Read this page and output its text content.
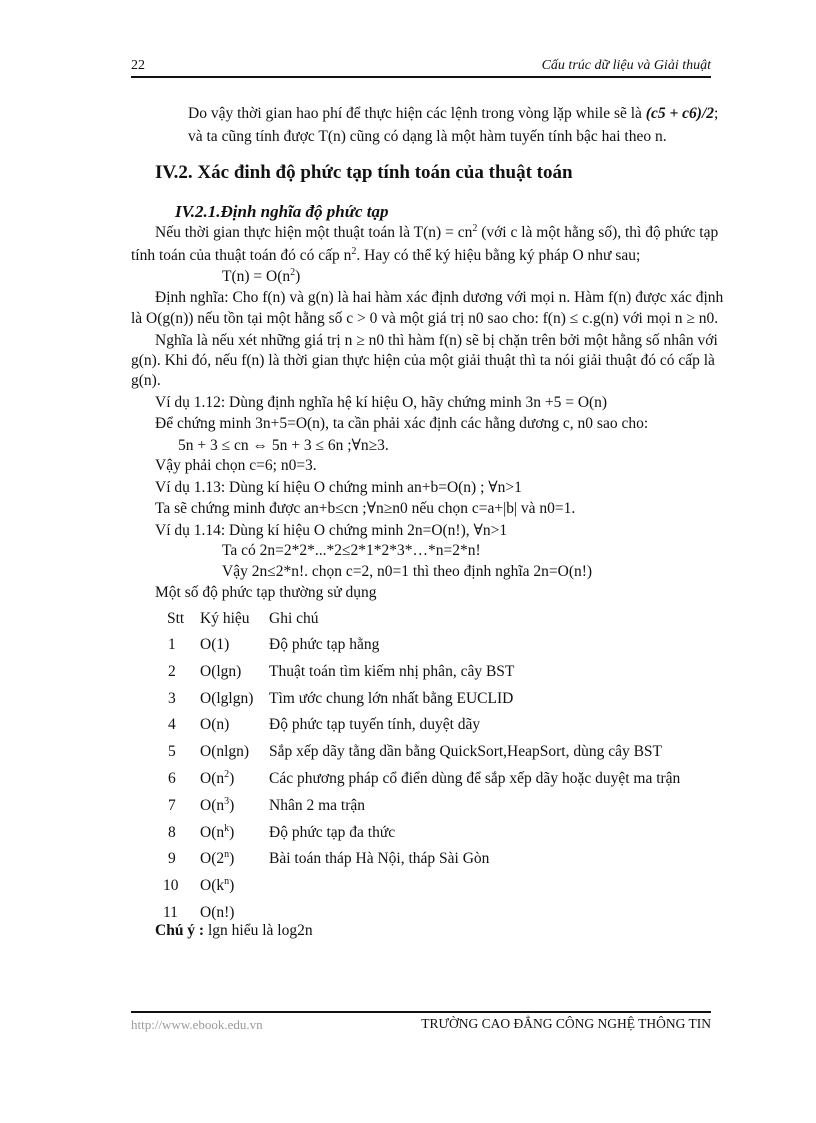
22	Cấu trúc dữ liệu và Giải thuật
Do vậy thời gian hao phí để thực hiện các lệnh trong vòng lặp while sẽ là (c5 + c6)/2;
và ta cũng tính được T(n) cũng có dạng là một hàm tuyến tính bậc hai theo n.
IV.2. Xác đinh độ phức tạp tính toán của thuật toán
IV.2.1.Định nghĩa độ phức tạp
Nếu thời gian thực hiện một thuật toán là $T(n) = cn^2$ (với c là một hằng số), thì độ phức tạp
tính toán của thuật toán đó có cấp $n^2$. Hay có thể ký hiệu bằng ký pháp O như sau;
$T(n) = O(n^2)$
Định nghĩa: Cho f(n) và g(n) là hai hàm xác định dương với mọi n. Hàm f(n) được xác định
là O(g(n)) nếu tồn tại một hằng số c > 0 và một giá trị n0 sao cho: f(n) ≤ c.g(n) với mọi n ≥ n0.
Nghĩa là nếu xét những giá trị n ≥ n0 thì hàm f(n) sẽ bị chặn trên bởi một hằng số nhân với
g(n). Khi đó, nếu f(n) là thời gian thực hiện của một giải thuật thì ta nói giải thuật đó có cấp là
g(n).
Ví dụ 1.12: Dùng định nghĩa hệ kí hiệu O, hãy chứng minh 3n +5 = O(n)
Để chứng minh 3n+5=O(n), ta cần phải xác định các hằng dương c, n0 sao cho:
5n + 3 ≤ cn ⇔ 5n + 3 ≤ 6n ;∀n≥3.
Vậy phải chọn c=6; n0=3.
Ví dụ 1.13: Dùng kí hiệu O chứng minh an+b=O(n) ; ∀n>1
Ta sẽ chứng minh được an+b≤cn ;∀n≥n0 nếu chọn c=a+|b| và n0=1.
Ví dụ 1.14: Dùng kí hiệu O chứng minh 2n=O(n!), ∀n>1
Ta có 2n=2*2*...*2≤2*1*2*3*…*n=2*n!
Vậy 2n≤2*n!. chọn c=2, n0=1 thì theo định nghĩa 2n=O(n!)
Một số độ phức tạp thường sử dụng
Stt Ký hiệu Ghi chú
1 O(1)	Độ phức tạp hằng
2 O(lgn) Thuật toán tìm kiếm nhị phân, cây BST
3 O(lglgn) Tìm ước chung lớn nhất bằng EUCLID
4 O(n)	Độ phức tạp tuyến tính, duyệt dãy
5 O(nlgn) Sắp xếp dãy tằng dần bằng QuickSort,HeapSort, dùng cây BST
6 $O(n^2)$ Các phương pháp cổ điển dùng để sắp xếp dãy hoặc duyệt ma trận
7 $O(n^3)$ Nhân 2 ma trận
8 $O(n^k)$ Độ phức tạp đa thức
9 O(2$^n$) Bài toán tháp Hà Nội, tháp Sài Gòn
10 $O(k^n)$
11 O(n!)
Chú ý : lgn hiểu là log2n
http://www.ebook.edu.vn	TRƯỜNG CAO ĐẲNG CÔNG NGHỆ THÔNG TIN
